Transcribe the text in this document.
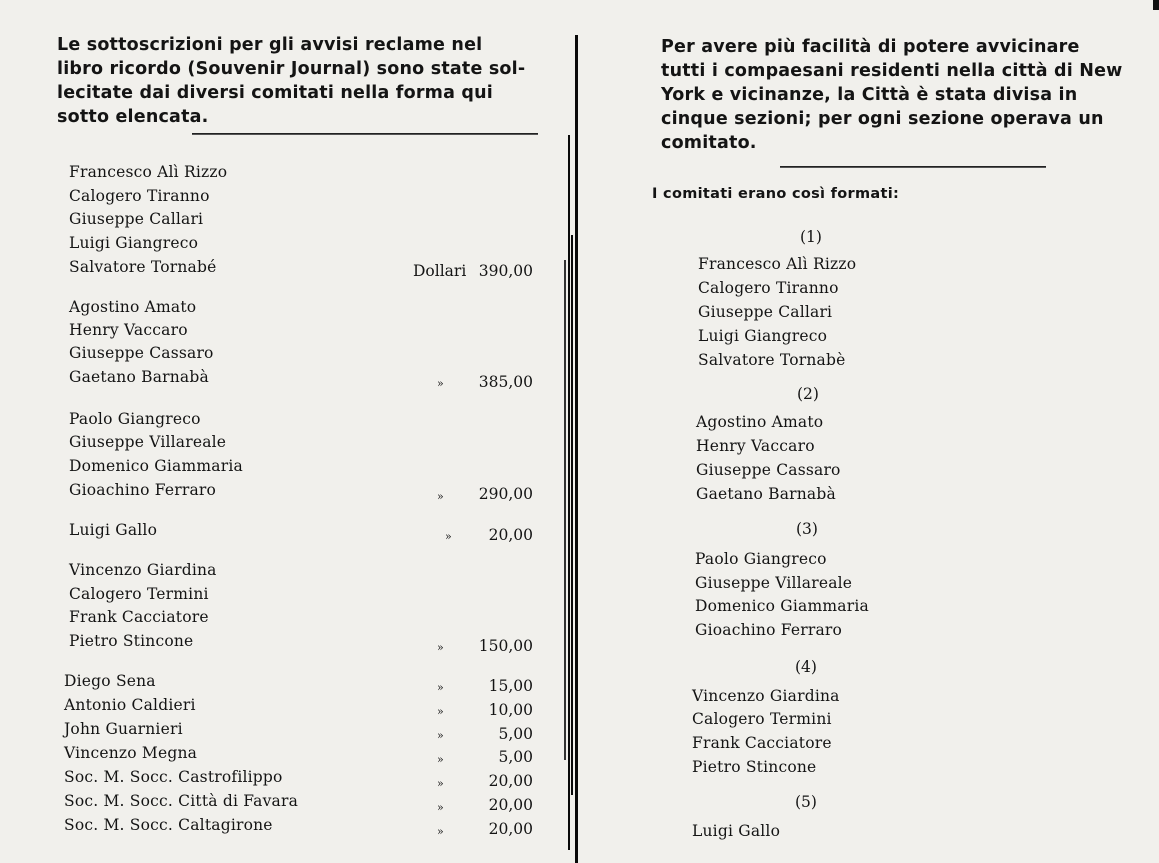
Le sottoscrizioni per gli avvisi reclame nel
libro ricordo (Souvenir Journal) sono state sol-
lecitate dai diversi comitati nella forma qui
sotto elencata.
Francesco Alì Rizzo
Calogero Tiranno
Giuseppe Callari
Luigi Giangreco
Salvatore Tornabé	Dollari 390,00
Agostino Amato
Henry Vaccaro
Giuseppe Cassaro
Gaetano Barnabà	» 385,00
Paolo Giangreco
Giuseppe Villareale
Domenico Giammaria
Gioachino Ferraro	» 290,00
Luigi Gallo	» 20,00
Vincenzo Giardina
Calogero Termini
Frank Cacciatore
Pietro Stincone	» 150,00
Diego Sena	»	15,00
Antonio Caldieri	»	10,00
John Guarnieri	»	5,00
Vincenzo Megna	»	5,00
Soc. M. Socc. Castrofilippo	»	20,00
Soc. M. Socc. Città di Favara	»	20,00
Soc. M. Socc. Caltagirone	»	20,00
Per avere più facilità di potere avvicinare
tutti i compaesani residenti nella città di New
York e vicinanze, la Città è stata divisa in
cinque sezioni; per ogni sezione operava un
comitato.
I comitati erano così formati:
(1)
Francesco Alì Rizzo
Calogero Tiranno
Giuseppe Callari
Luigi Giangreco
Salvatore Tornabè
(2)
Agostino Amato
Henry Vaccaro
Giuseppe Cassaro
Gaetano Barnabà
(3)
Paolo Giangreco
Giuseppe Villareale
Domenico Giammaria
Gioachino Ferraro
(4)
Vincenzo Giardina
Calogero Termini
Frank Cacciatore
Pietro Stincone
(5)
Luigi Gallo
